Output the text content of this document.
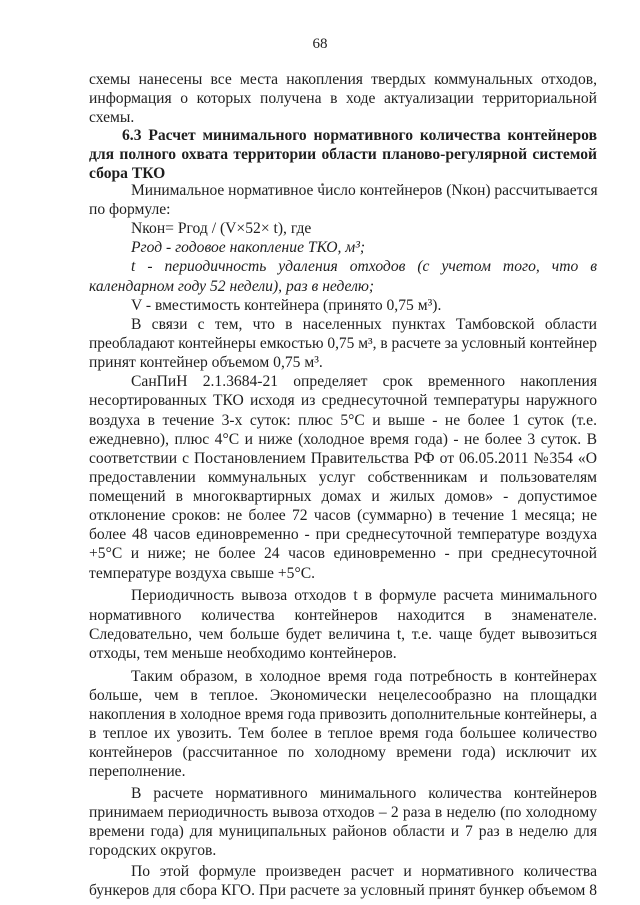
68
схемы нанесены все места накопления твердых коммунальных отходов,
информация о которых получена в ходе актуализации территориальной
схемы.
6.3 Расчет минимального нормативного количества контейнеров
для полного охвата территории области планово-регулярной системой
сбора ТКО
Минимальное нормативное число контейнеров (Nкон) рассчитывается
по формуле:
Nкон= Ргод / (V×52× t), где
Ргод - годовое накопление ТКО, м³;
t - периодичность удаления отходов (с учетом того, что в
календарном году 52 недели), раз в неделю;
V - вместимость контейнера (принято 0,75 м³).
В связи с тем, что в населенных пунктах Тамбовской области
преобладают контейнеры емкостью 0,75 м³, в расчете за условный контейнер
принят контейнер объемом 0,75 м³.
СанПиН 2.1.3684-21 определяет срок временного накопления
несортированных ТКО исходя из среднесуточной температуры наружного
воздуха в течение 3-х суток: плюс 5°С и выше - не более 1 суток (т.е.
ежедневно), плюс 4°С и ниже (холодное время года) - не более 3 суток. В
соответствии с Постановлением Правительства РФ от 06.05.2011 №354 «О
предоставлении коммунальных услуг собственникам и пользователям
помещений в многоквартирных домах и жилых домов» - допустимое
отклонение сроков: не более 72 часов (суммарно) в течение 1 месяца; не
более 48 часов единовременно - при среднесуточной температуре воздуха
+5°С и ниже; не более 24 часов единовременно - при среднесуточной
температуре воздуха свыше +5°С.
Периодичность вывоза отходов t в формуле расчета минимального
нормативного количества контейнеров находится в знаменателе.
Следовательно, чем больше будет величина t, т.е. чаще будет вывозиться
отходы, тем меньше необходимо контейнеров.
Таким образом, в холодное время года потребность в контейнерах
больше, чем в теплое. Экономически нецелесообразно на площадки
накопления в холодное время года привозить дополнительные контейнеры, а
в теплое их увозить. Тем более в теплое время года большее количество
контейнеров (рассчитанное по холодному времени года) исключит их
переполнение.
В расчете нормативного минимального количества контейнеров
принимаем периодичность вывоза отходов – 2 раза в неделю (по холодному
времени года) для муниципальных районов области и 7 раз в неделю для
городских округов.
По этой формуле произведен расчет и нормативного количества
бункеров для сбора КГО. При расчете за условный принят бункер объемом 8
